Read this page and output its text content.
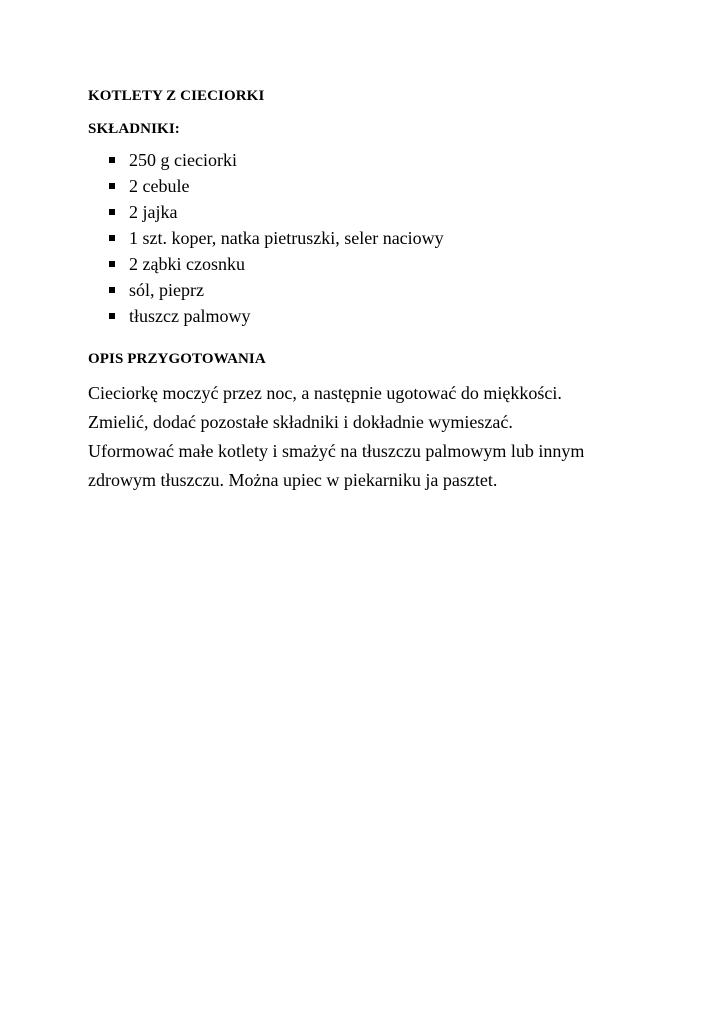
KOTLETY Z CIECIORKI
SKŁADNIKI:
250 g cieciorki
2 cebule
2 jajka
1 szt. koper, natka pietruszki, seler naciowy
2 ząbki czosnku
sól, pieprz
tłuszcz palmowy
OPIS PRZYGOTOWANIA
Cieciorkę moczyć przez noc, a następnie ugotować do miękkości.
Zmielić, dodać pozostałe składniki i dokładnie wymieszać.
Uformować małe kotlety i smażyć na tłuszczu palmowym lub innym
zdrowym tłuszczu. Można upiec w piekarniku ja pasztet.
